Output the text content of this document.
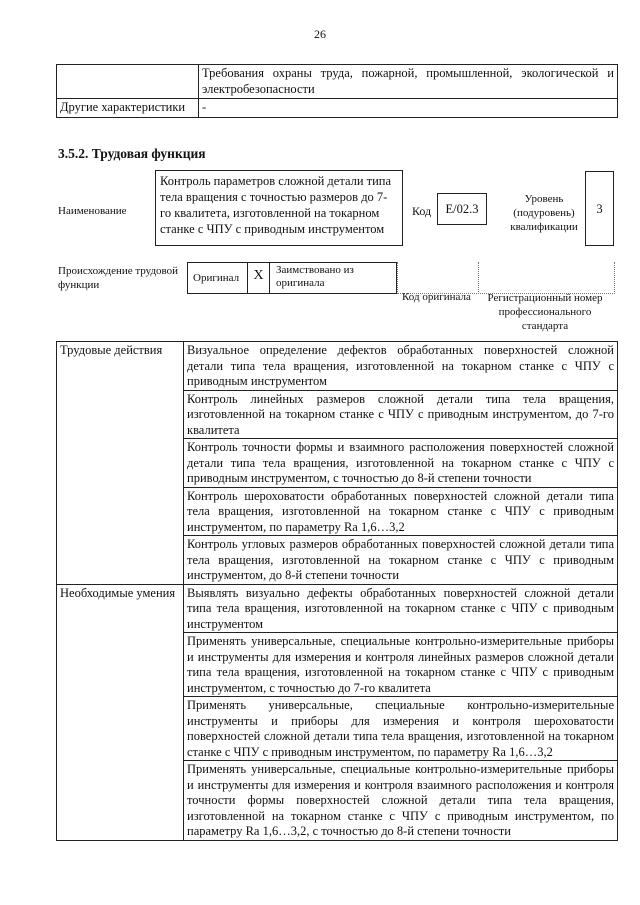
26
	Требования охраны труда, пожарной, промышленной, экологической и электробезопасности
Другие характеристики	-
3.5.2. Трудовая функция
Наименование
Контроль параметров сложной детали типа тела вращения с точностью размеров до 7-го квалитета, изготовленной на токарном станке с ЧПУ с приводным инструментом
Код	E/02.3
Уровень (подуровень) квалификации
3
Происхождение трудовой функции
Оригинал	X	Заимствовано из оригинала
Код оригинала	Регистрационный номер профессионального стандарта
Трудовые действия	Визуальное определение дефектов обработанных поверхностей сложной детали типа тела вращения, изготовленной на токарном станке с ЧПУ с приводным инструментом
	Контроль линейных размеров сложной детали типа тела вращения, изготовленной на токарном станке с ЧПУ с приводным инструментом, до 7-го квалитета
	Контроль точности формы и взаимного расположения поверхностей сложной детали типа тела вращения, изготовленной на токарном станке с ЧПУ с приводным инструментом, с точностью до 8-й степени точности
	Контроль шероховатости обработанных поверхностей сложной детали типа тела вращения, изготовленной на токарном станке с ЧПУ с приводным инструментом, по параметру Ra 1,6…3,2
	Контроль угловых размеров обработанных поверхностей сложной детали типа тела вращения, изготовленной на токарном станке с ЧПУ с приводным инструментом, до 8-й степени точности
Необходимые умения	Выявлять визуально дефекты обработанных поверхностей сложной детали типа тела вращения, изготовленной на токарном станке с ЧПУ с приводным инструментом
	Применять универсальные, специальные контрольно-измерительные приборы и инструменты для измерения и контроля линейных размеров сложной детали типа тела вращения, изготовленной на токарном станке с ЧПУ с приводным инструментом, с точностью до 7-го квалитета
	Применять универсальные, специальные контрольно-измерительные инструменты и приборы для измерения и контроля шероховатости поверхностей сложной детали типа тела вращения, изготовленной на токарном станке с ЧПУ с приводным инструментом, по параметру Ra 1,6…3,2
	Применять универсальные, специальные контрольно-измерительные приборы и инструменты для измерения и контроля взаимного расположения и контроля точности формы поверхностей сложной детали типа тела вращения, изготовленной на токарном станке с ЧПУ с приводным инструментом, по параметру Ra 1,6…3,2, с точностью до 8-й степени точности
